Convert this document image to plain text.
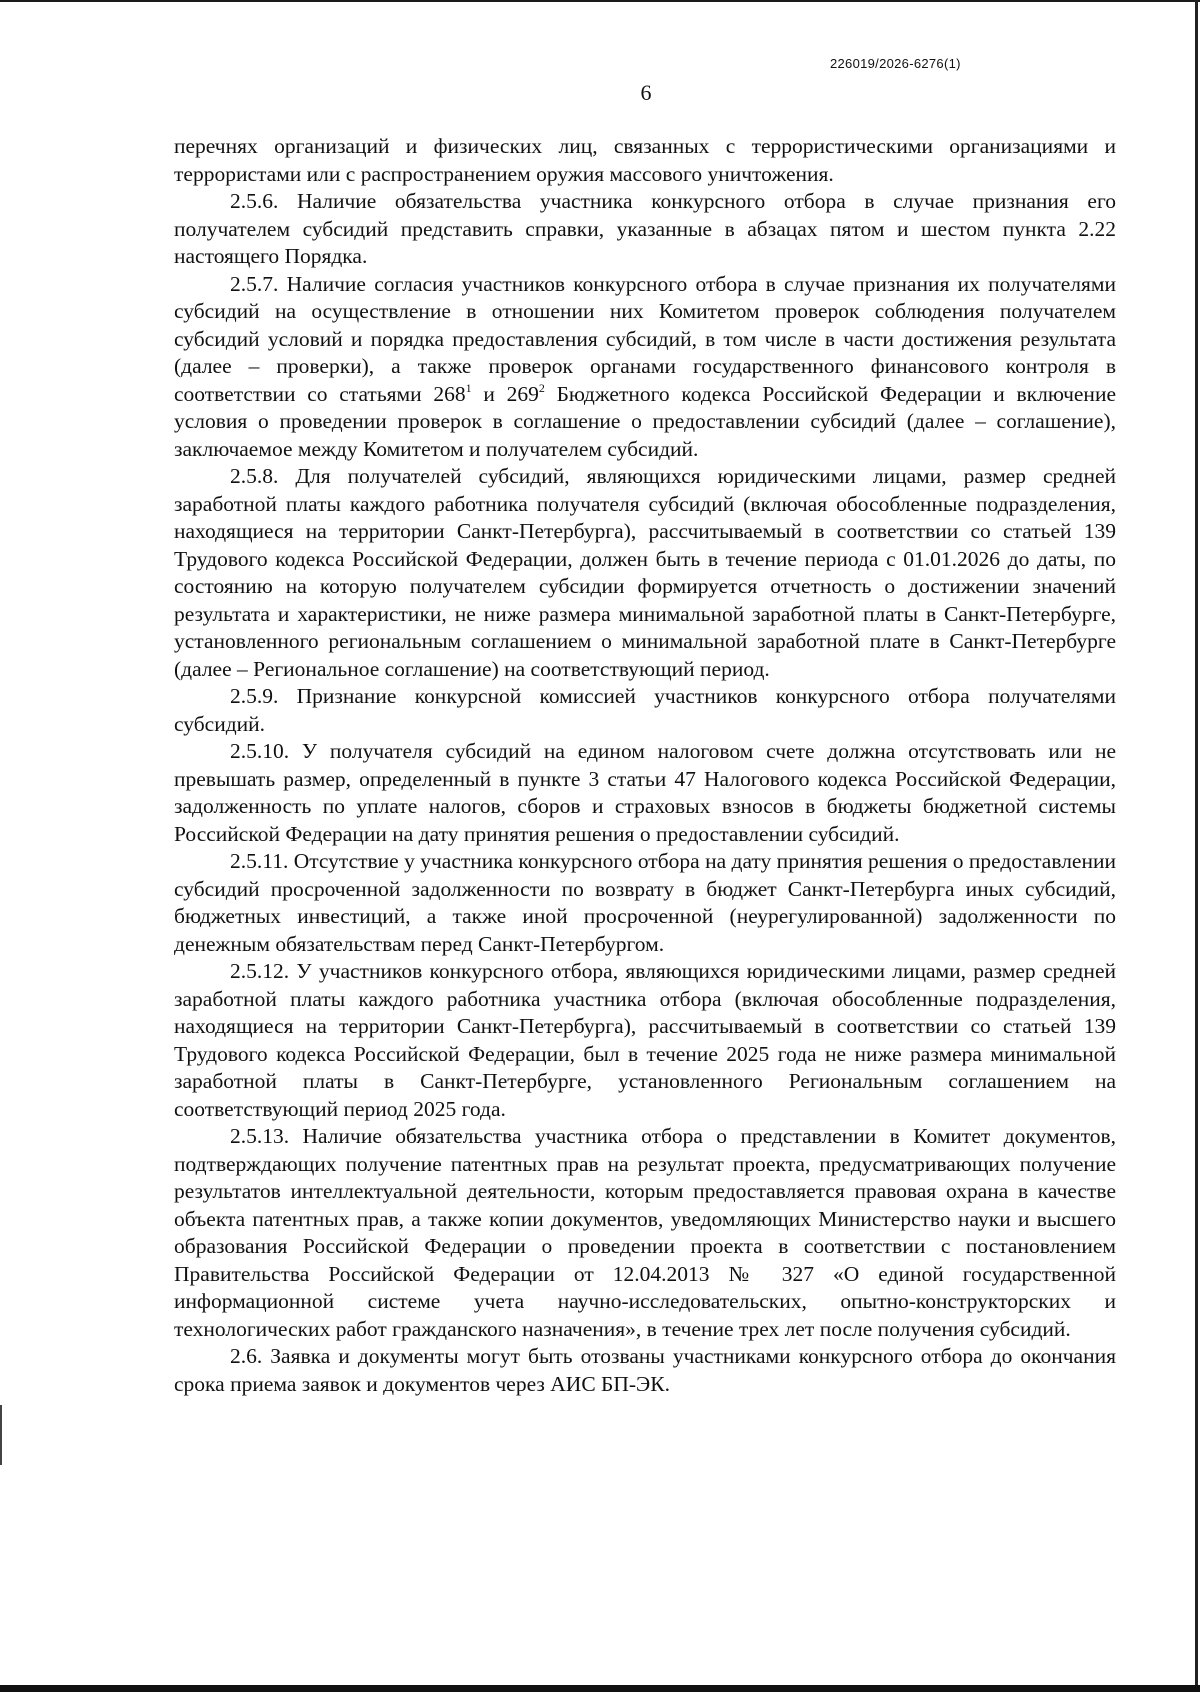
226019/2026-6276(1)
6

перечнях организаций и физических лиц, связанных с террористическими организациями и террористами или с распространением оружия массового уничтожения.

2.5.6. Наличие обязательства участника конкурсного отбора в случае признания его получателем субсидий представить справки, указанные в абзацах пятом и шестом пункта 2.22 настоящего Порядка.

2.5.7. Наличие согласия участников конкурсного отбора в случае признания их получателями субсидий на осуществление в отношении них Комитетом проверок соблюдения получателем субсидий условий и порядка предоставления субсидий, в том числе в части достижения результата (далее – проверки), а также проверок органами государственного финансового контроля в соответствии со статьями $268^1$ и $269^2$ Бюджетного кодекса Российской Федерации и включение условия о проведении проверок в соглашение о предоставлении субсидий (далее – соглашение), заключаемое между Комитетом и получателем субсидий.

2.5.8. Для получателей субсидий, являющихся юридическими лицами, размер средней заработной платы каждого работника получателя субсидий (включая обособленные подразделения, находящиеся на территории Санкт-Петербурга), рассчитываемый в соответствии со статьей 139 Трудового кодекса Российской Федерации, должен быть в течение периода с 01.01.2026 до даты, по состоянию на которую получателем субсидии формируется отчетность о достижении значений результата и характеристики, не ниже размера минимальной заработной платы в Санкт-Петербурге, установленного региональным соглашением о минимальной заработной плате в Санкт-Петербурге (далее – Региональное соглашение) на соответствующий период.

2.5.9. Признание конкурсной комиссией участников конкурсного отбора получателями субсидий.

2.5.10. У получателя субсидий на едином налоговом счете должна отсутствовать или не превышать размер, определенный в пункте 3 статьи 47 Налогового кодекса Российской Федерации, задолженность по уплате налогов, сборов и страховых взносов в бюджеты бюджетной системы Российской Федерации на дату принятия решения о предоставлении субсидий.

2.5.11. Отсутствие у участника конкурсного отбора на дату принятия решения о предоставлении субсидий просроченной задолженности по возврату в бюджет Санкт-Петербурга иных субсидий, бюджетных инвестиций, а также иной просроченной (неурегулированной) задолженности по денежным обязательствам перед Санкт-Петербургом.

2.5.12. У участников конкурсного отбора, являющихся юридическими лицами, размер средней заработной платы каждого работника участника отбора (включая обособленные подразделения, находящиеся на территории Санкт-Петербурга), рассчитываемый в соответствии со статьей 139 Трудового кодекса Российской Федерации, был в течение 2025 года не ниже размера минимальной заработной платы в Санкт-Петербурге, установленного Региональным соглашением на соответствующий период 2025 года.

2.5.13. Наличие обязательства участника отбора о представлении в Комитет документов, подтверждающих получение патентных прав на результат проекта, предусматривающих получение результатов интеллектуальной деятельности, которым предоставляется правовая охрана в качестве объекта патентных прав, а также копии документов, уведомляющих Министерство науки и высшего образования Российской Федерации о проведении проекта в соответствии с постановлением Правительства Российской Федерации от 12.04.2013 № 327 «О единой государственной информационной системе учета научно-исследовательских, опытно-конструкторских и технологических работ гражданского назначения», в течение трех лет после получения субсидий.

2.6. Заявка и документы могут быть отозваны участниками конкурсного отбора до окончания срока приема заявок и документов через АИС БП-ЭК.
